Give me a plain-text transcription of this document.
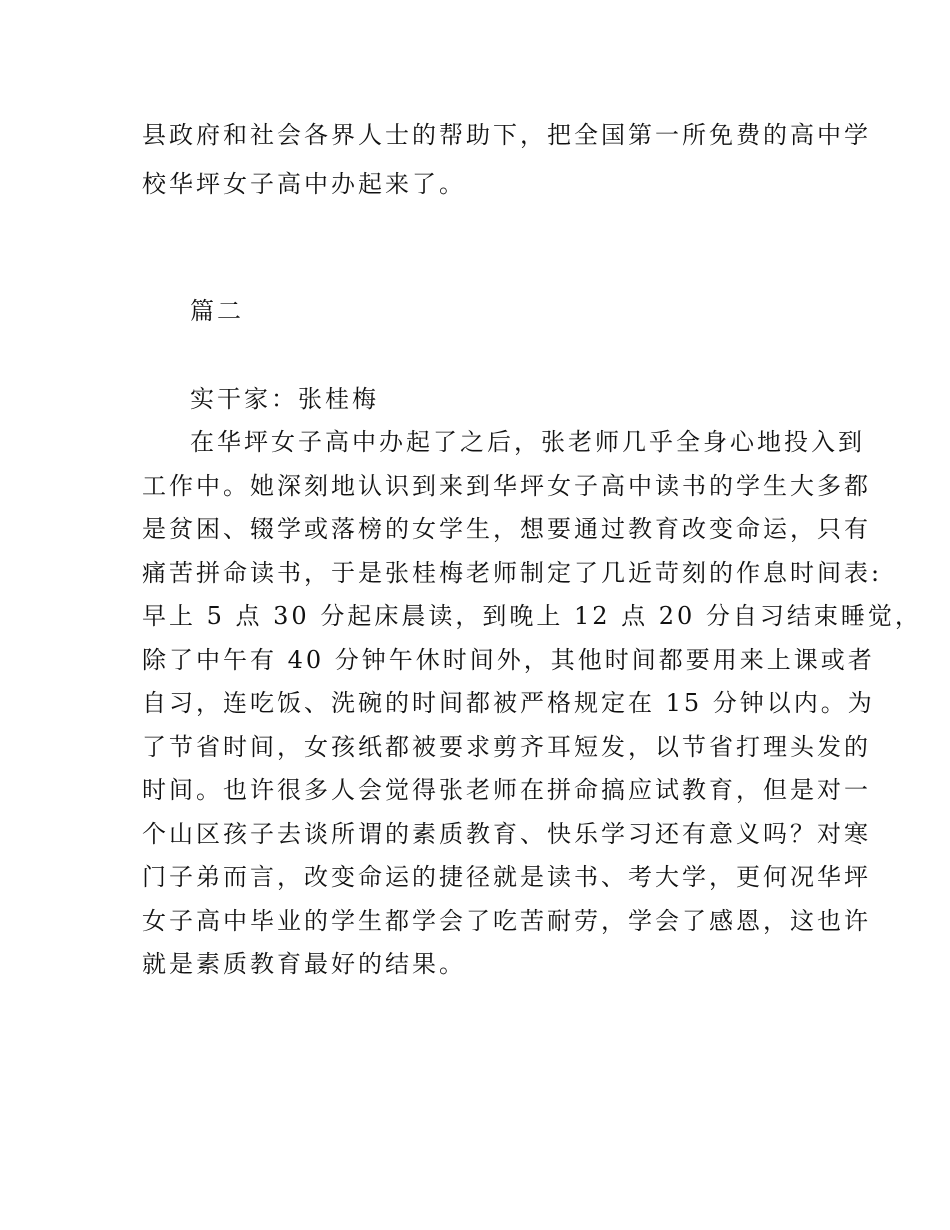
县政府和社会各界人士的帮助下，把全国第一所免费的高中学

校华坪女子高中办起来了。

篇二

实干家：张桂梅

在华坪女子高中办起了之后，张老师几乎全身心地投入到

工作中。她深刻地认识到来到华坪女子高中读书的学生大多都

是贫困、辍学或落榜的女学生，想要通过教育改变命运，只有

痛苦拼命读书，于是张桂梅老师制定了几近苛刻的作息时间表:

早上 5 点 30 分起床晨读，到晚上 12 点 20 分自习结束睡觉，

除了中午有 40 分钟午休时间外，其他时间都要用来上课或者

自习，连吃饭、洗碗的时间都被严格规定在 15 分钟以内。为

了节省时间，女孩纸都被要求剪齐耳短发，以节省打理头发的

时间。也许很多人会觉得张老师在拼命搞应试教育，但是对一

个山区孩子去谈所谓的素质教育、快乐学习还有意义吗？对寒

门子弟而言，改变命运的捷径就是读书、考大学，更何况华坪

女子高中毕业的学生都学会了吃苦耐劳，学会了感恩，这也许

就是素质教育最好的结果。
